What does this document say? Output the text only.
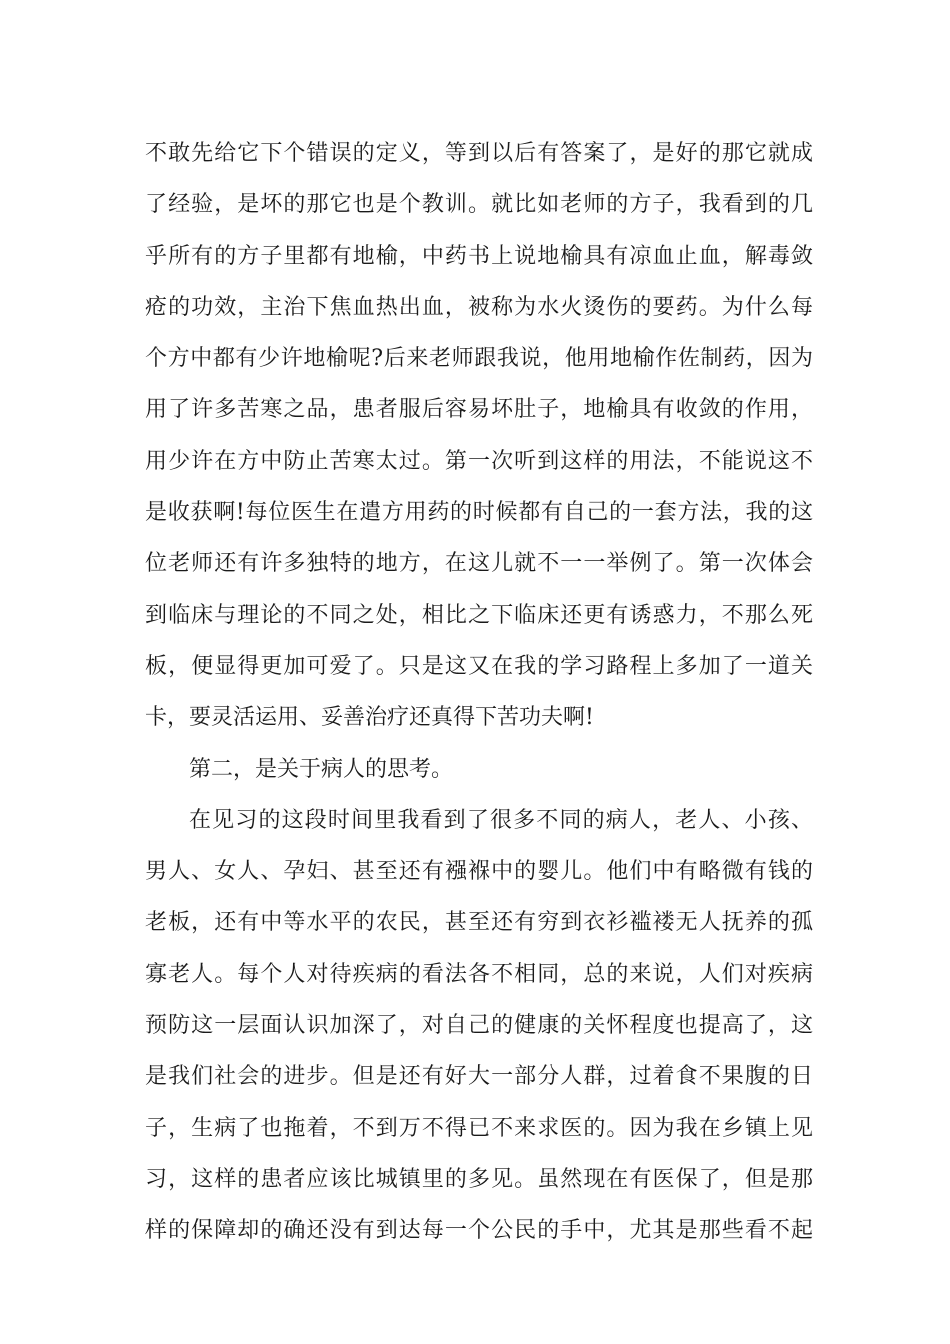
不敢先给它下个错误的定义，等到以后有答案了，是好的那它就成
了经验，是坏的那它也是个教训。就比如老师的方子，我看到的几
乎所有的方子里都有地榆，中药书上说地榆具有凉血止血，解毒敛
疮的功效，主治下焦血热出血，被称为水火烫伤的要药。为什么每
个方中都有少许地榆呢?后来老师跟我说，他用地榆作佐制药，因为
用了许多苦寒之品，患者服后容易坏肚子，地榆具有收敛的作用，
用少许在方中防止苦寒太过。第一次听到这样的用法，不能说这不
是收获啊!每位医生在遣方用药的时候都有自己的一套方法，我的这
位老师还有许多独特的地方，在这儿就不一一举例了。第一次体会
到临床与理论的不同之处，相比之下临床还更有诱惑力，不那么死
板，便显得更加可爱了。只是这又在我的学习路程上多加了一道关
卡，要灵活运用、妥善治疗还真得下苦功夫啊!
第二，是关于病人的思考。
在见习的这段时间里我看到了很多不同的病人，老人、小孩、
男人、女人、孕妇、甚至还有襁褓中的婴儿。他们中有略微有钱的
老板，还有中等水平的农民，甚至还有穷到衣衫褴褛无人抚养的孤
寡老人。每个人对待疾病的看法各不相同，总的来说，人们对疾病
预防这一层面认识加深了，对自己的健康的关怀程度也提高了，这
是我们社会的进步。但是还有好大一部分人群，过着食不果腹的日
子，生病了也拖着，不到万不得已不来求医的。因为我在乡镇上见
习，这样的患者应该比城镇里的多见。虽然现在有医保了，但是那
样的保障却的确还没有到达每一个公民的手中，尤其是那些看不起
